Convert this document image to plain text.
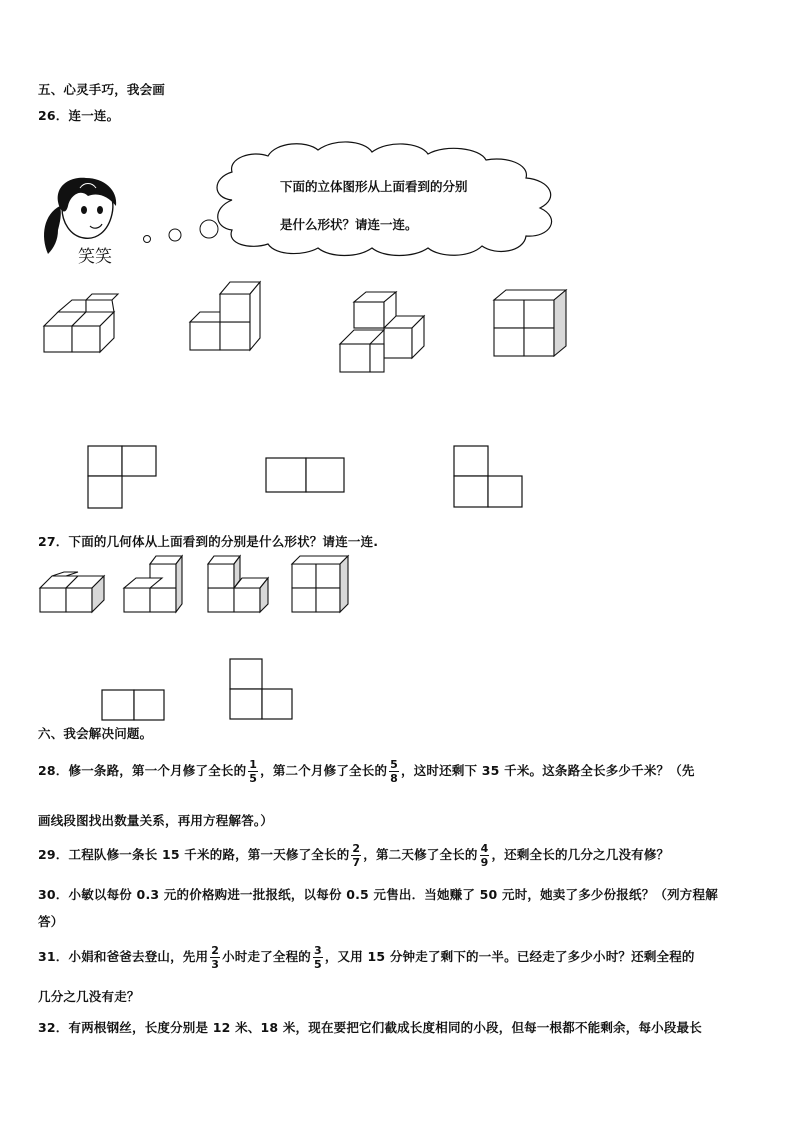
五、心灵手巧，我会画
26．连一连。
下面的立体图形从上面看到的分别
是什么形状？请连一连。
笑笑
27．下面的几何体从上面看到的分别是什么形状？请连一连.
六、我会解决问题。
28．修一条路，第一个月修了全长的 $\frac{1}{5}$ ，第二个月修了全长的 $\frac{5}{8}$ ，这时还剩下 35 千米。这条路全长多少千米？（先
画线段图找出数量关系，再用方程解答。）
29．工程队修一条长 15 千米的路，第一天修了全长的 $\frac{2}{7}$ ，第二天修了全长的 $\frac{4}{9}$ ，还剩全长的几分之几没有修？
30．小敏以每份 0.3 元的价格购进一批报纸，以每份 0.5 元售出．当她赚了 50 元时，她卖了多少份报纸？（列方程解
答）
31．小娟和爸爸去登山，先用 $\frac{2}{3}$ 小时走了全程的 $\frac{3}{5}$ ，又用 15 分钟走了剩下的一半。已经走了多少小时？还剩全程的
几分之几没有走？
32．有两根钢丝，长度分别是 12 米、18 米，现在要把它们截成长度相同的小段，但每一根都不能剩余，每小段最长
